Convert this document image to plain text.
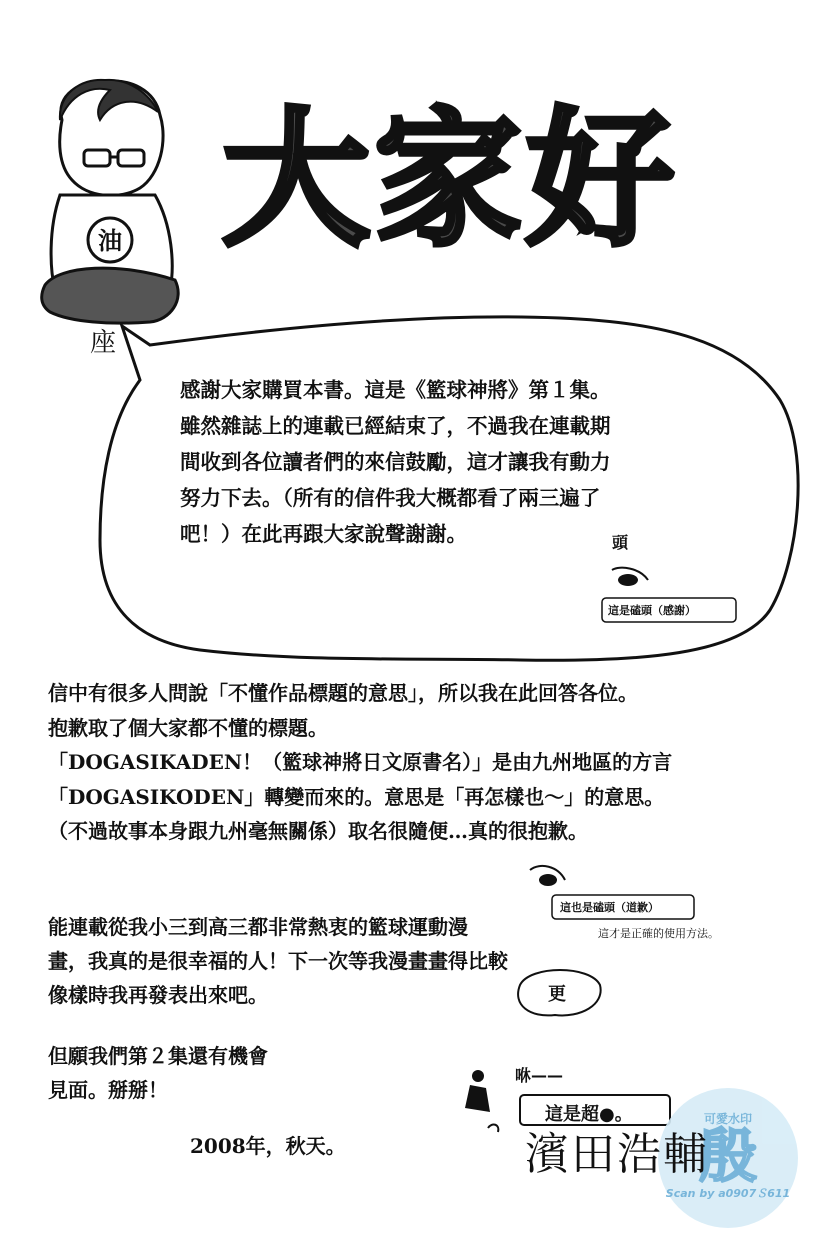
油 大家好
座
感謝大家購買本書。這是《籃球神將》第１集。
雖然雜誌上的連載已經結束了，不過我在連載期
間收到各位讀者們的來信鼓勵，這才讓我有動力
努力下去。（所有的信件我大概都看了兩三遍了
吧！）在此再跟大家說聲謝謝。	頭
這是磕頭（感謝）
信中有很多人問說「不懂作品標題的意思」，所以我在此回答各位。
抱歉取了個大家都不懂的標題。
「DOGASIKADEN！（籃球神將日文原書名）」是由九州地區的方言
「DOGASIKODEN」轉變而來的。意思是「再怎樣也～」的意思。
（不過故事本身跟九州毫無關係）取名很隨便…真的很抱歉。
這也是磕頭（道歉）
這才是正確的使用方法。
更
能連載從我小三到高三都非常熱衷的籃球運動漫
畫，我真的是很幸福的人！下一次等我漫畫畫得比較
像樣時我再發表出來吧。
但願我們第２集還有機會
見面。掰掰！
咻——
這是超●。
2008年，秋天。
可愛水印
殷
Scan by a0907Ｓ611
濱田浩輔
